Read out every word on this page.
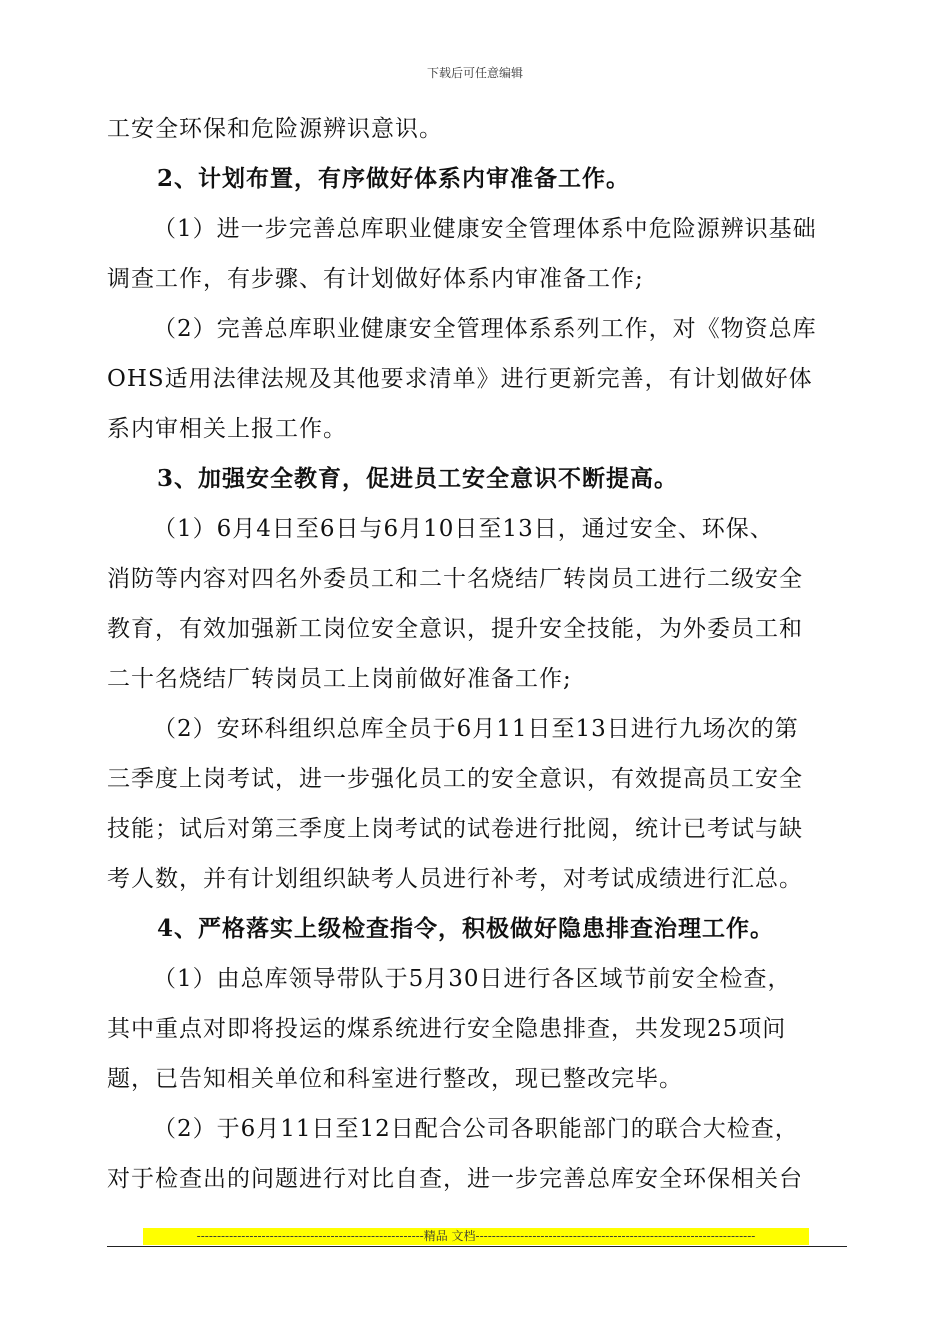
下载后可任意编辑
工安全环保和危险源辨识意识。
2、计划布置，有序做好体系内审准备工作。
（1）进一步完善总库职业健康安全管理体系中危险源辨识基础
调查工作，有步骤、有计划做好体系内审准备工作;
（2）完善总库职业健康安全管理体系系列工作，对《物资总库
OHS适用法律法规及其他要求清单》进行更新完善，有计划做好体
系内审相关上报工作。
3、加强安全教育，促进员工安全意识不断提高。
（1）6月4日至6日与6月10日至13日，通过安全、环保、
消防等内容对四名外委员工和二十名烧结厂转岗员工进行二级安全
教育，有效加强新工岗位安全意识，提升安全技能，为外委员工和
二十名烧结厂转岗员工上岗前做好准备工作;
（2）安环科组织总库全员于6月11日至13日进行九场次的第
三季度上岗考试，进一步强化员工的安全意识，有效提高员工安全
技能；试后对第三季度上岗考试的试卷进行批阅，统计已考试与缺
考人数，并有计划组织缺考人员进行补考，对考试成绩进行汇总。
4、严格落实上级检查指令，积极做好隐患排查治理工作。
（1）由总库领导带队于5月30日进行各区域节前安全检查，
其中重点对即将投运的煤系统进行安全隐患排查，共发现25项问
题，已告知相关单位和科室进行整改，现已整改完毕。
（2）于6月11日至12日配合公司各职能部门的联合大检查，
对于检查出的问题进行对比自查，进一步完善总库安全环保相关台
--------------------------------------------------------精品 文档---------------------------------------------------------------------
